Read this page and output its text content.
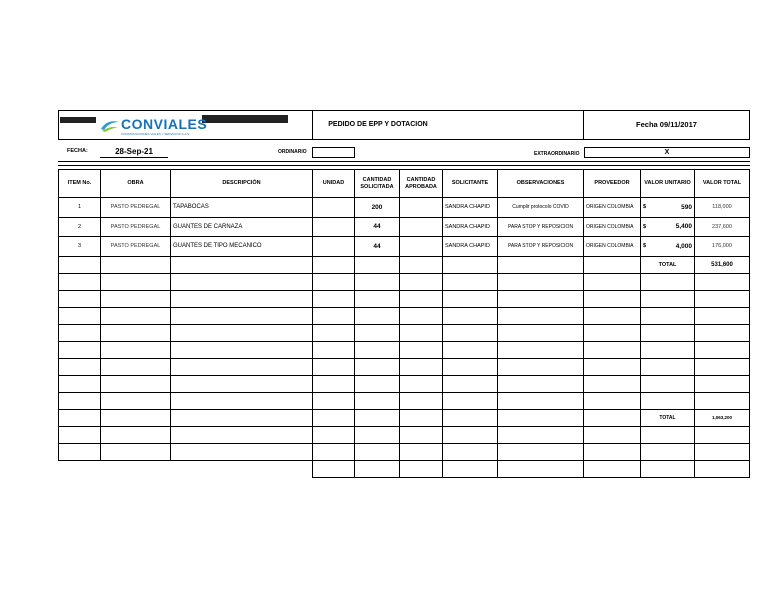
CONVIALES
CONSTRUCCIONES VIALES Y SERVICIOS S.A.S
PEDIDO DE EPP Y DOTACION	Fecha 09/11/2017
FECHA:	28-Sep-21	ORDINARIO	EXTRAORDINARIO	X
ITEM No.	OBRA	DESCRIPCIÓN	UNIDAD	CANTIDAD SOLICITADA	CANTIDAD APROBADA	SOLICITANTE	OBSERVACIONES	PROVEEDOR	VALOR UNITARIO	VALOR TOTAL
1	PASTO PEDREGAL	TAPABOCAS		200		SANDRA CHAPID	Cumplir protocolo COVID	ORIGEN COLOMBIA	$ 590	118,000
2	PASTO PEDREGAL	GUANTES DE CARNAZA		44		SANDRA CHAPID	PARA STOP Y REPOSICION	ORIGEN COLOMBIA	$ 5,400	237,600
3	PASTO PEDREGAL	GUANTES DE TIPO MECANICO		44		SANDRA CHAPID	PARA STOP Y REPOSICION	ORIGEN COLOMBIA	$ 4,000	176,000
									TOTAL	531,600

									TOTAL	1,063,200
